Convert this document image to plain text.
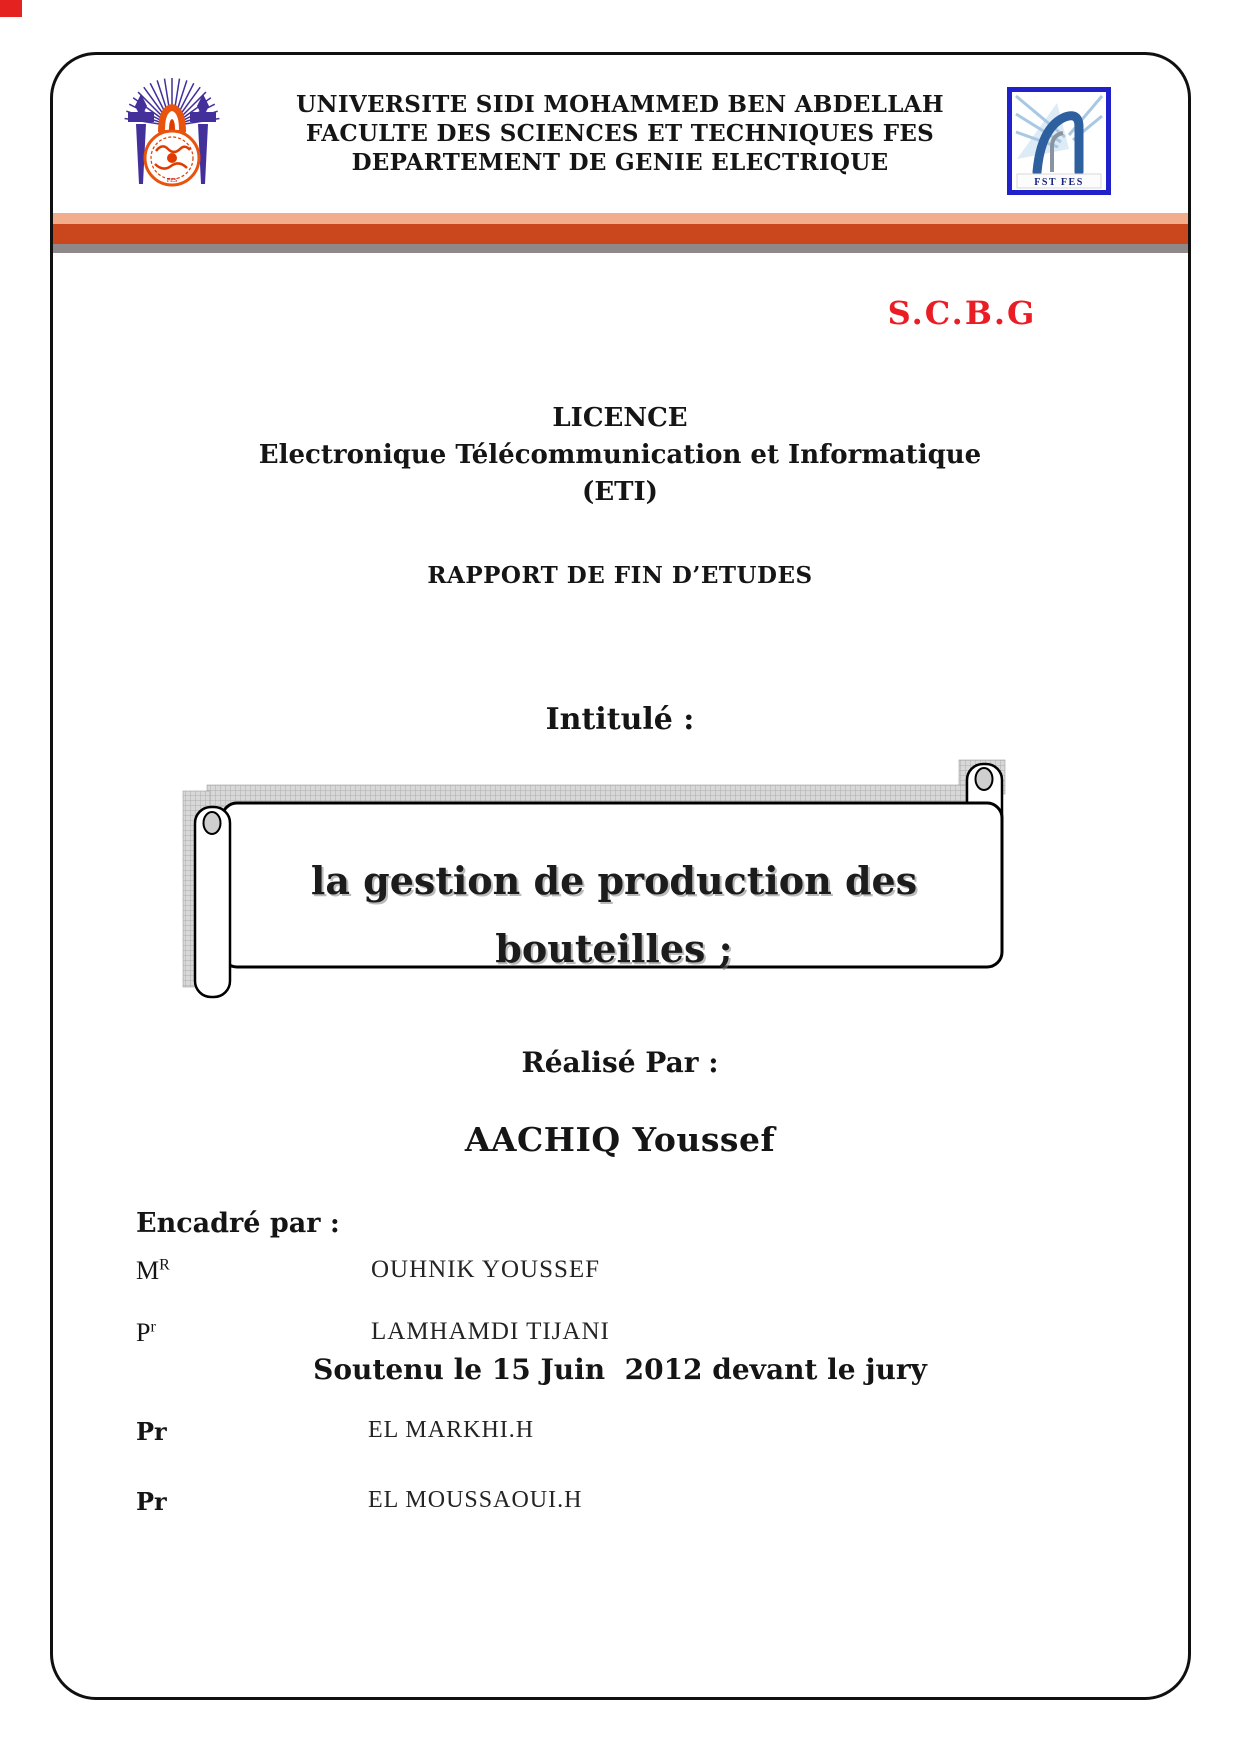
FES	FST FES
UNIVERSITE SIDI MOHAMMED BEN ABDELLAH
FACULTE DES SCIENCES ET TECHNIQUES FES
DEPARTEMENT DE GENIE ELECTRIQUE
S.C.B.G
LICENCE
Electronique Télécommunication et Informatique
(ETI)
RAPPORT DE FIN D’ETUDES
Intitulé :
la gestion de production des
bouteilles ;
Réalisé Par :
AACHIQ Youssef
Encadré par :
$M^R$	OUHNIK YOUSSEF
$P^r$	LAMHAMDI TIJANI
Soutenu le 15 Juin  2012 devant le jury
Pr	EL MARKHI.H
Pr	EL MOUSSAOUI.H
